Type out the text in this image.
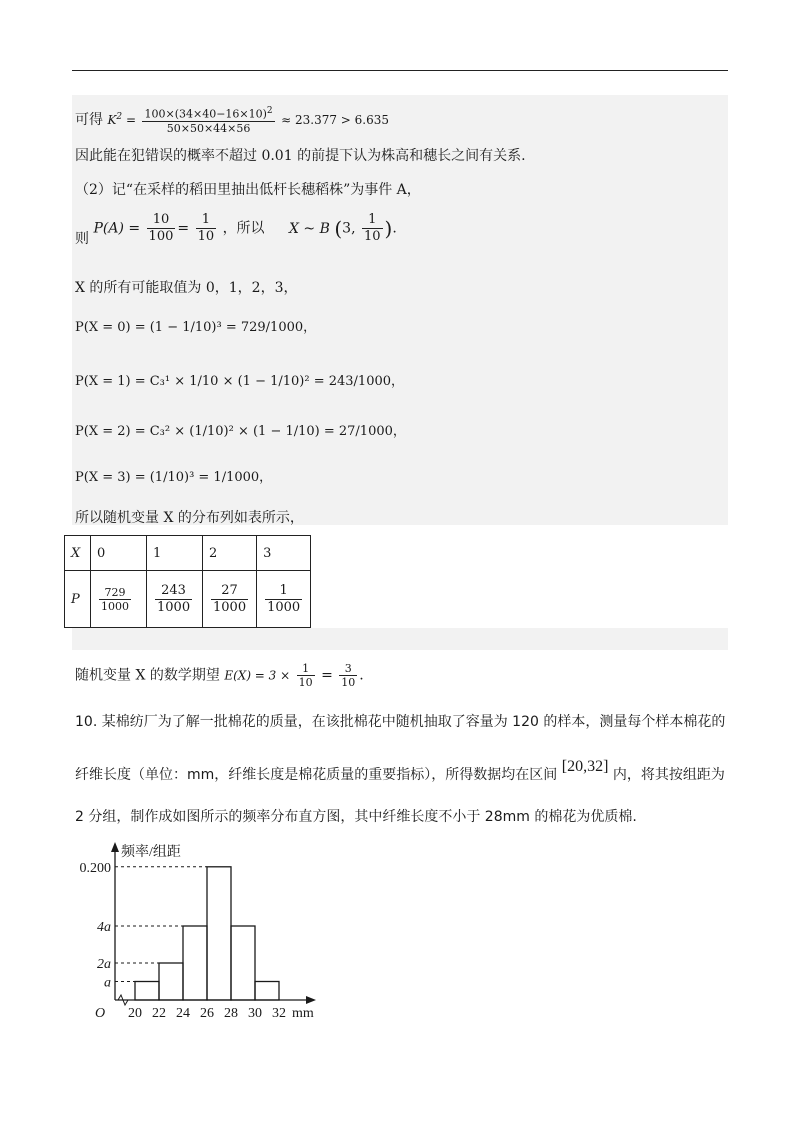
可得 $K^2 = \frac{100\times(34\times 40-16\times 10)^2}{50\times 50\times 44\times 56} \approx 23.377 > 6.635$
因此能在犯错误的概率不超过 0.01 的前提下认为株高和穗长之间有关系.
（2）记“在采样的稻田里抽出低杆长穗稻株”为事件 A，
则 $P(A) = \frac{10}{100} = \frac{1}{10}$ ，所以 X ~ B (3, $\frac{1}{10}$ ).
X 的所有可能取值为 0，1，2，3，
P(X = 0) = (1 − 1/10)³ = 729/1000，
P(X = 1) = C₃¹ × 1/10 × (1 − 1/10)² = 243/1000，
P(X = 2) = C₃² × (1/10)² × (1 − 1/10) = 27/1000，
P(X = 3) = (1/10)³ = 1/1000，
所以随机变量 X 的分布列如表所示，
X	0	1	2	3
P	$\frac{729}{1000}$	$\frac{243}{1000}$	$\frac{27}{1000}$	$\frac{1}{1000}$
随机变量 X 的数学期望 $E(X) = 3 \times \frac{1}{10} = \frac{3}{10}$ .
10. 某棉纺厂为了解一批棉花的质量，在该批棉花中随机抽取了容量为 120 的样本，测量每个样本棉花的
纤维长度（单位：mm，纤维长度是棉花质量的重要指标），所得数据均在区间 [20,32] 内，将其按组距为
2 分组，制作成如图所示的频率分布直方图，其中纤维长度不小于 28mm 的棉花为优质棉.
a
2a
4a
0.200
20 22 24 26 28 30 32
O	mm
频率/组距
